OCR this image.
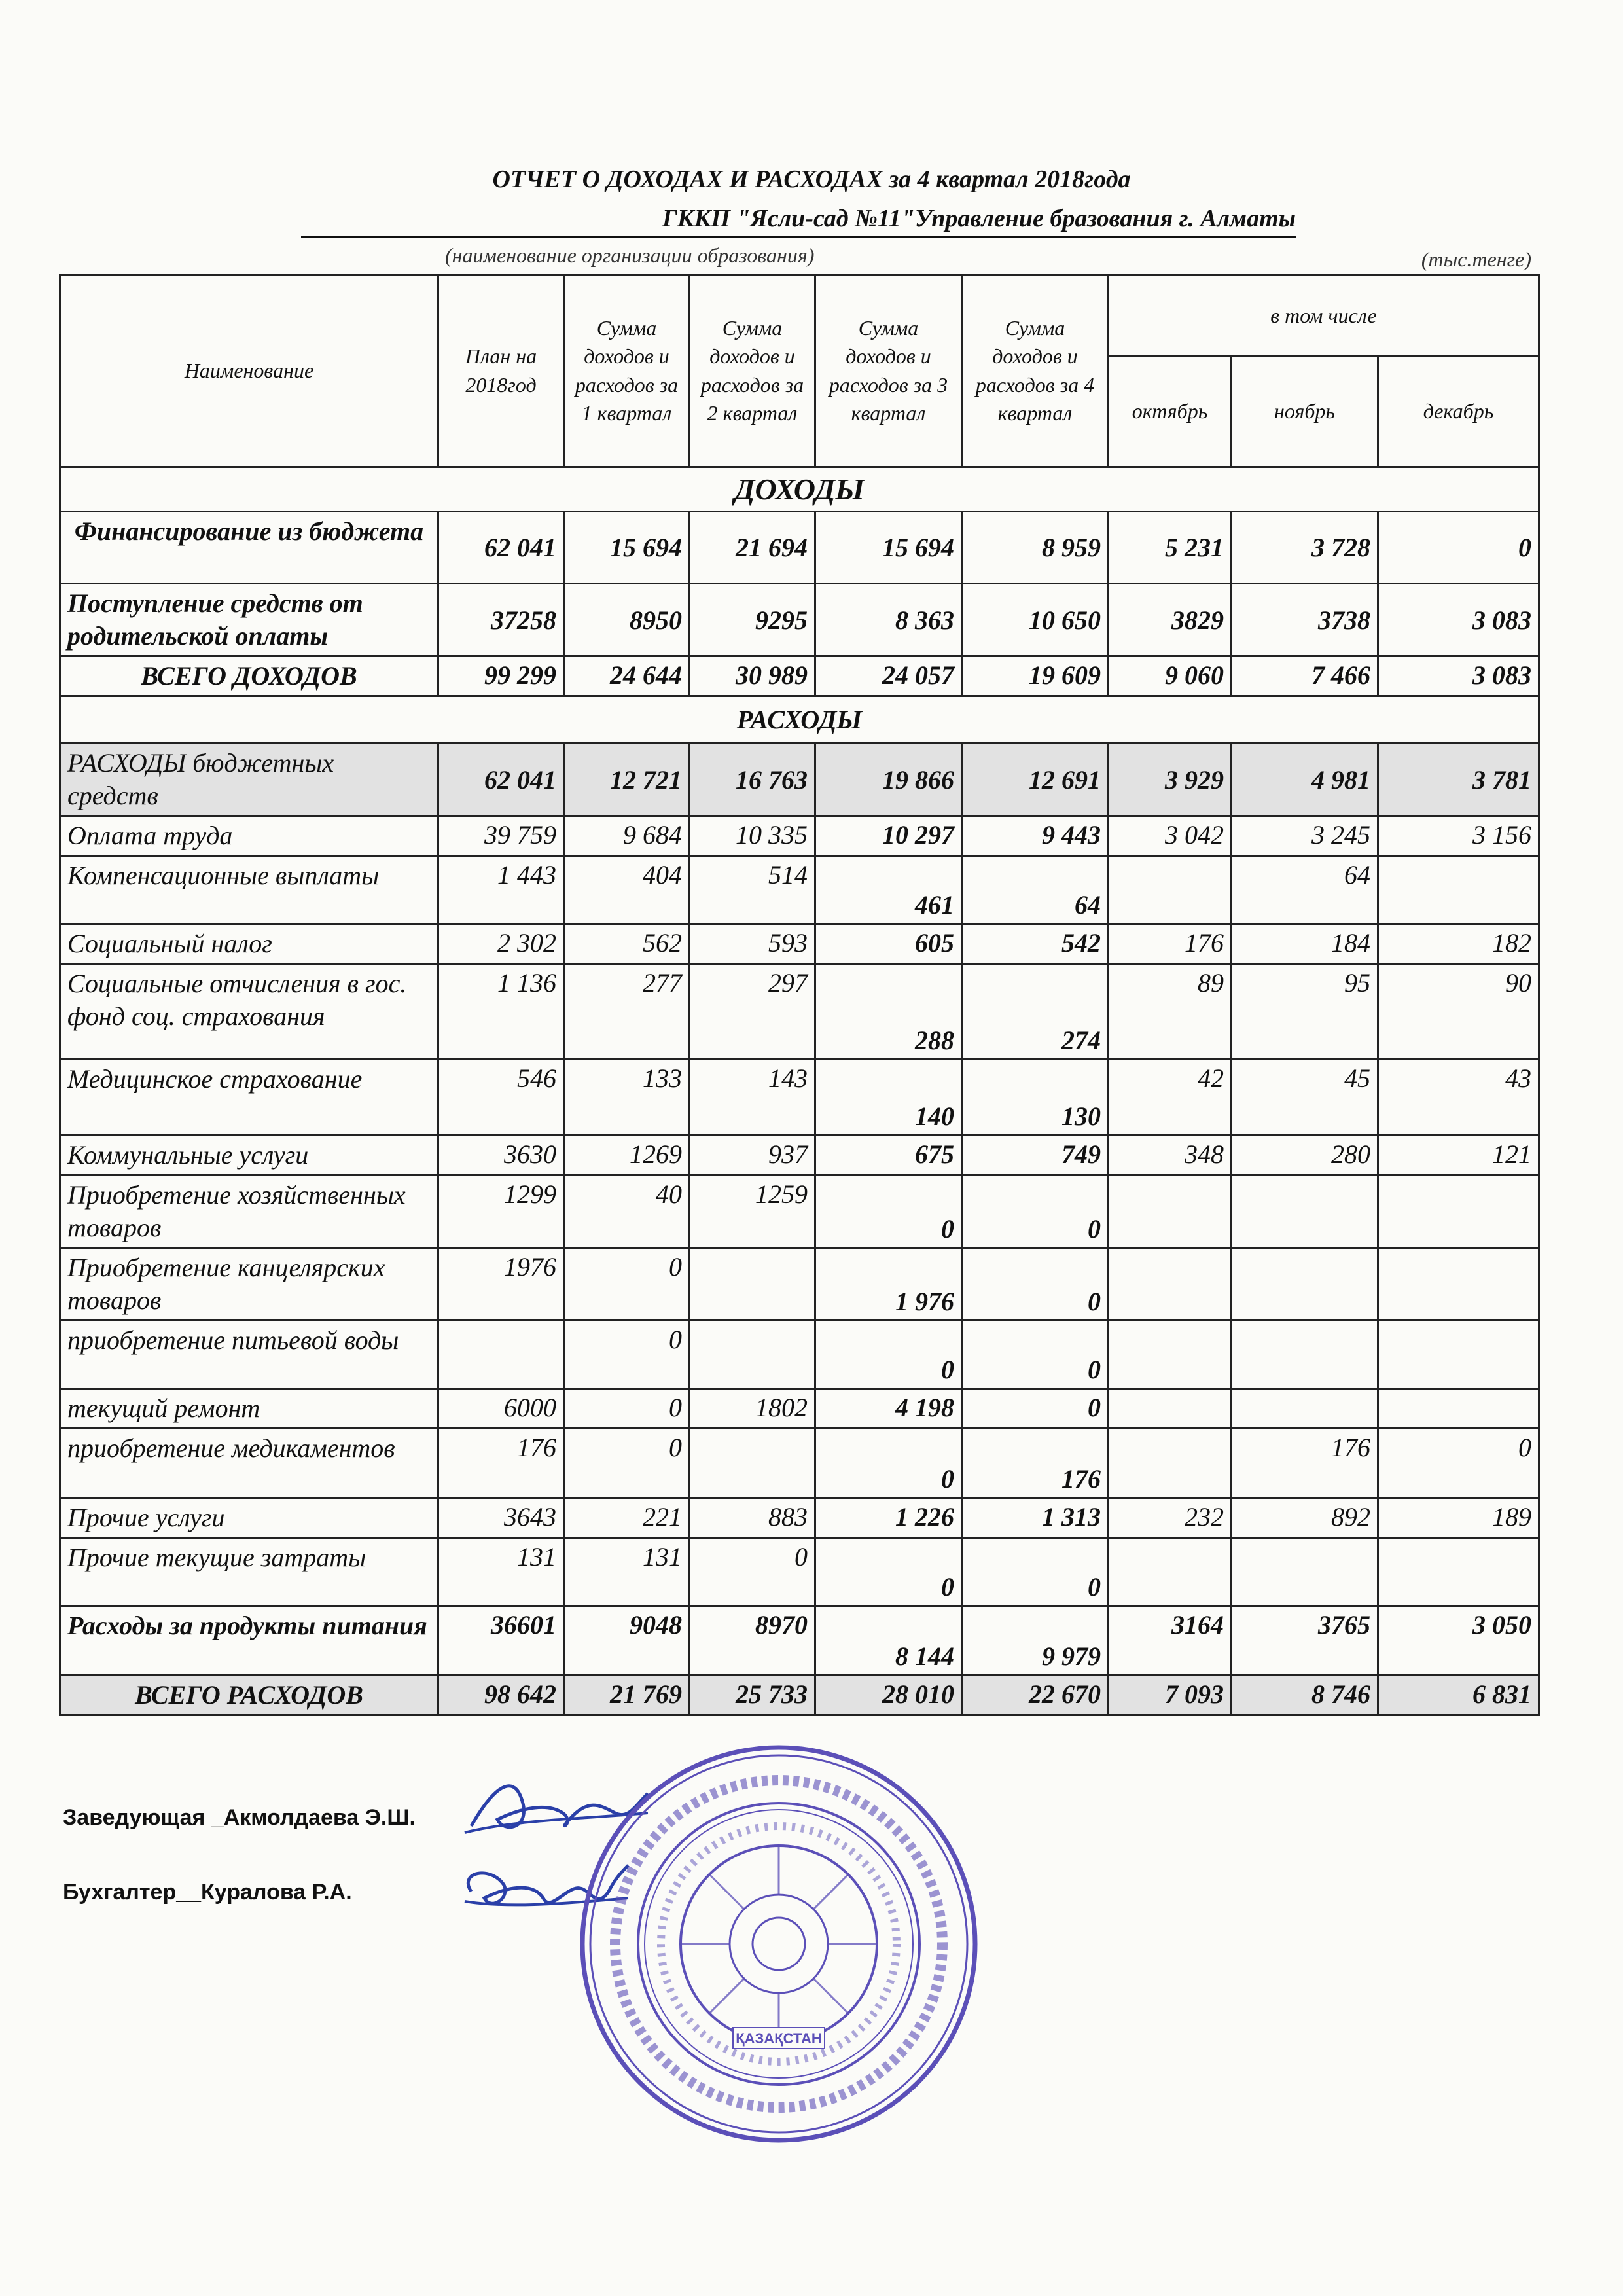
ОТЧЕТ О ДОХОДАХ И РАСХОДАХ за 4 квартал 2018года
ГККП "Ясли-сад №11"Управление бразования г. Алматы
(наименование организации образования)	(тыс.тенге)
Наименование	План на 2018год	Сумма доходов и расходов за 1 квартал	Сумма доходов и расходов за 2 квартал	Сумма доходов и расходов за 3 квартал	Сумма доходов и расходов за 4 квартал	в том числе		
						октябрь	ноябрь	декабрь
ДОХОДЫ								
Финансирование из бюджета	62 041	15 694	21 694	15 694	8 959	5 231	3 728	0
Поступление средств от родительской оплаты	37258	8950	9295	8 363	10 650	3829	3738	3 083
ВСЕГО ДОХОДОВ	99 299	24 644	30 989	24 057	19 609	9 060	7 466	3 083
РАСХОДЫ								
РАСХОДЫ бюджетных средств	62 041	12 721	16 763	19 866	12 691	3 929	4 981	3 781
Оплата труда	39 759	9 684	10 335	10 297	9 443	3 042	3 245	3 156
Компенсационные выплаты	1 443	404	514	461	64		64	
Социальный налог	2 302	562	593	605	542	176	184	182
Социальные отчисления в гос. фонд соц. страхования	1 136	277	297	288	274	89	95	90
Медицинское страхование	546	133	143	140	130	42	45	43
Коммунальные услуги	3630	1269	937	675	749	348	280	121
Приобретение хозяйственных товаров	1299	40	1259	0	0			
Приобретение канцелярских товаров	1976	0		1 976	0			
приобретение питьевой воды		0		0	0			
текущий ремонт	6000	0	1802	4 198	0			
приобретение медикаментов	176	0		0	176		176	0
Прочие услуги	3643	221	883	1 226	1 313	232	892	189
Прочие текущие затраты	131	131	0	0	0			
Расходы за продукты питания	36601	9048	8970	8 144	9 979	3164	3765	3 050
ВСЕГО РАСХОДОВ	98 642	21 769	25 733	28 010	22 670	7 093	8 746	6 831
Заведующая _Акмолдаева Э.Ш.
Бухгалтер__Куралова Р.А.
ҚАЗАҚСТАН
